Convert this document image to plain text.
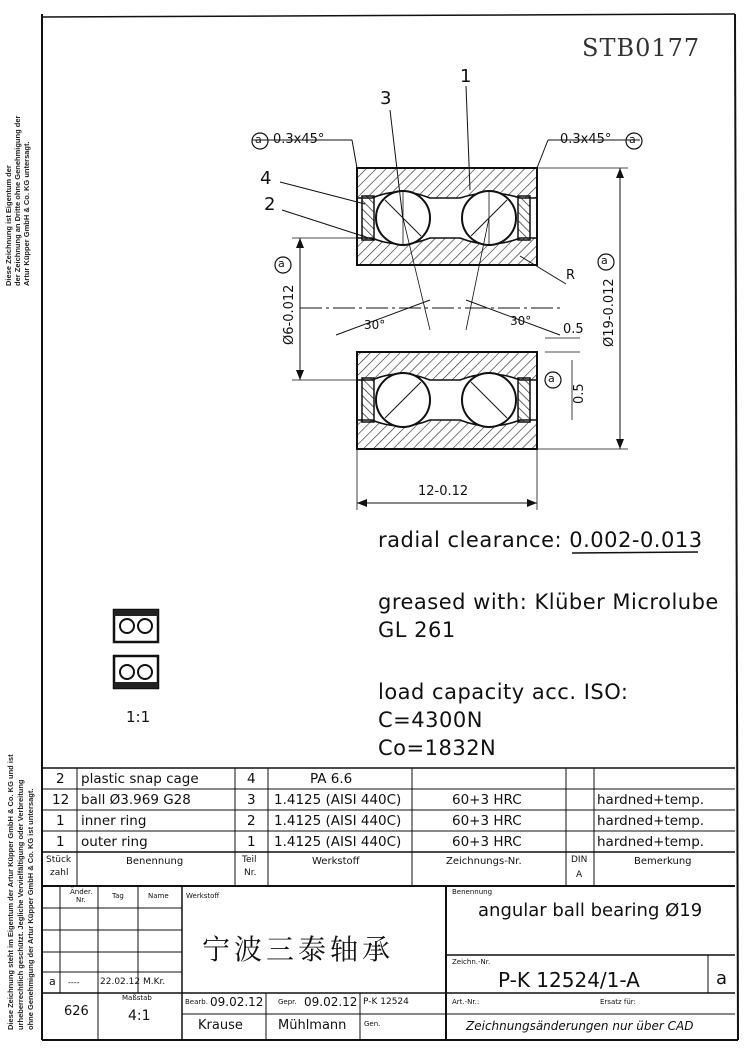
STB0177
Diese Zeichnung ist Eigentum der der Zeichnung an Dritte ohne Genehmigung der Artur Küpper GmbH & Co. KG untersagt.
Diese Zeichnung steht im Eigentum der Artur Küpper GmbH & Co. KG und ist urheberrechtlich geschützt. Jegliche Vervielfältigung oder Verbreitung ohne Genehmigung der Artur Küpper GmbH & Co. KG ist untersagt.
1
2
3
4
a 0.3x45°	0.3x45° a
a	a
a
Ø6-0.012	Ø19-0.012
30°	30°
R
0.5
0.5
12-0.12
1:1
radial clearance: 0.002-0.013
greased with: Klüber Microlube
GL 261
load capacity acc. ISO:
C=4300N
Co=1832N
2 plastic snap cage	4	PA 6.6
12 ball Ø3.969 G28	3 1.4125 (AISI 440C)	60+3 HRC	hardned+temp.
1 inner ring	2 1.4125 (AISI 440C)	60+3 HRC	hardned+temp.
1 outer ring	1 1.4125 (AISI 440C)	60+3 HRC	hardned+temp.
Stück
zahl
Benennung	Teil
Nr.
Werkstoff	Zeichnungs-Nr.	DIN
A
Bemerkung
Änder.
Nr.	Tag	Name Werkstoff
a ---- 22.02.12 M.Kr.
宁波三泰轴承
Benennung
angular ball bearing Ø19
Zeichn.-Nr.
P-K 12524/1-A	a
626
Maßstab
4:1
Bearb. 09.02.12 Gepr. 09.02.12 P-K 12524
Krause	Mühlmann	Gen.
Art.-Nr.:	Ersatz für:
Zeichnungsänderungen nur über CAD
